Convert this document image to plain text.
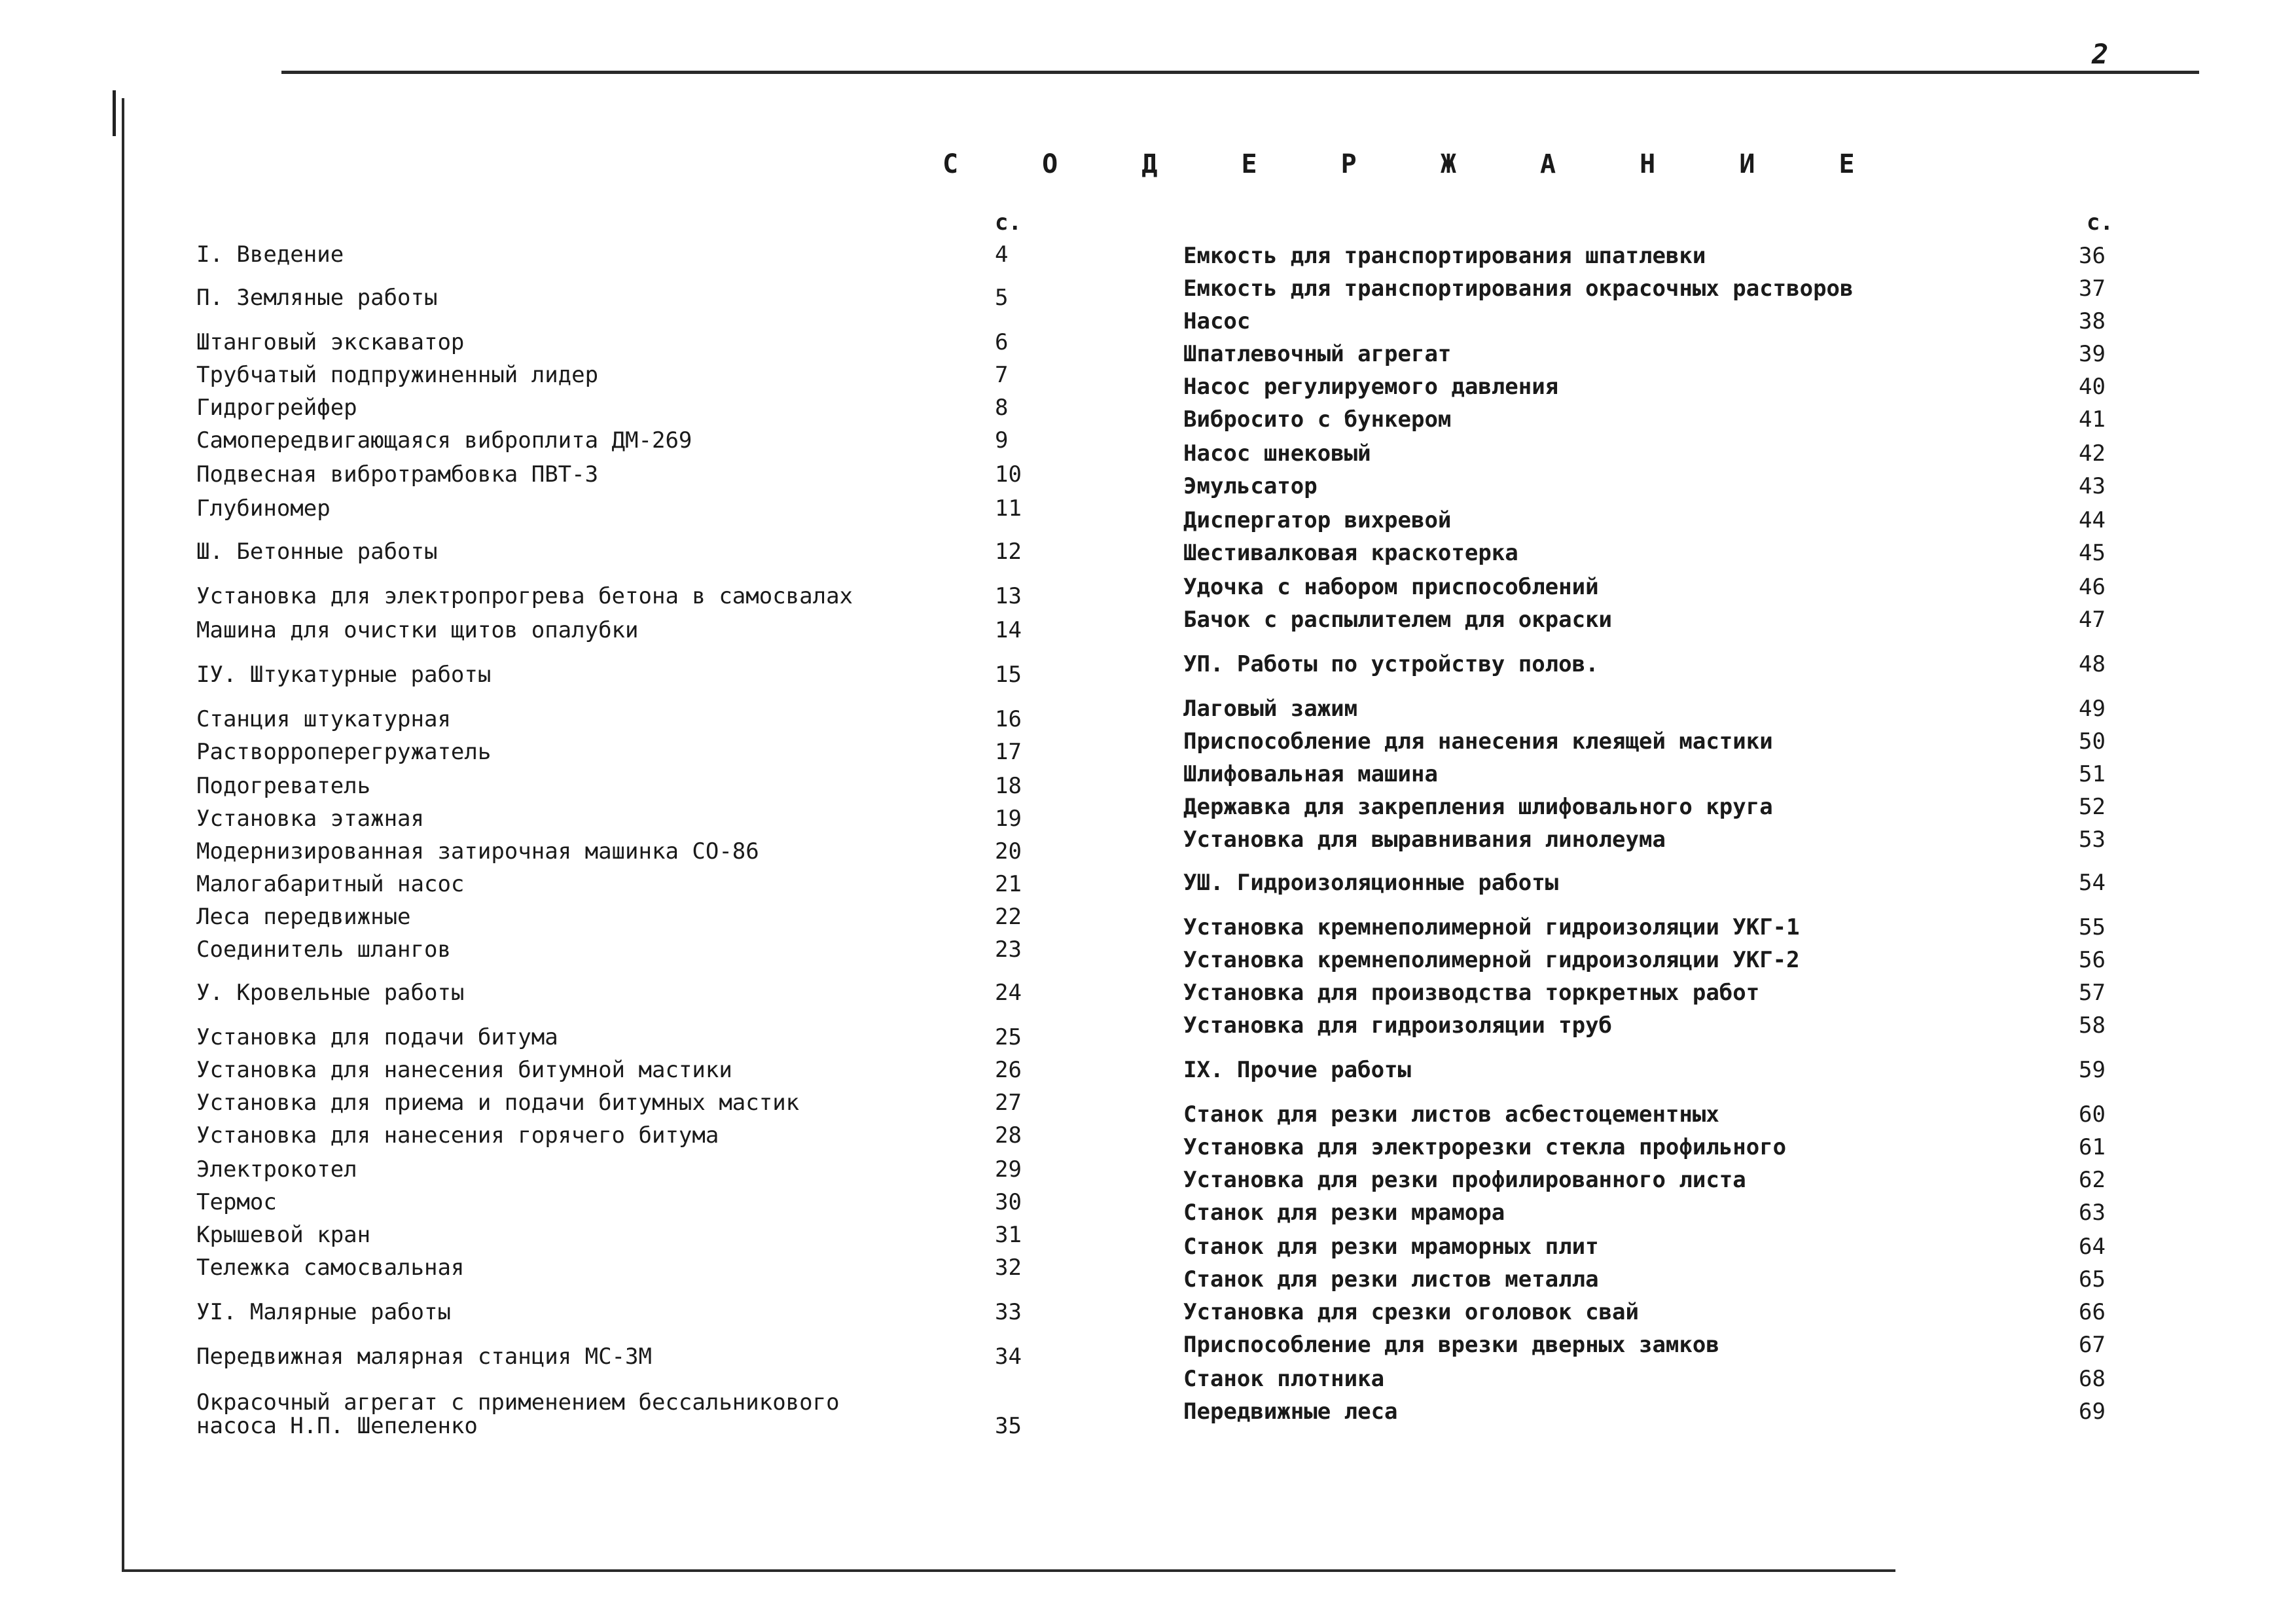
2
С О Д Е Р Ж А Н И Е
с.	с.
I. Введение	4
П. Земляные работы	5
Штанговый экскаватор	6
Трубчатый подпружиненный лидер	7
Гидрогрейфер	8
Самопередвигающаяся виброплита ДМ-269	9
Подвесная вибротрамбовка ПВТ-3	10
Глубиномер	11
Ш. Бетонные работы	12
Установка для электропрогрева бетона в самосвалах	13
Машина для очистки щитов опалубки	14
IУ. Штукатурные работы	15
Станция штукатурная	16
Растворроперегружатель	17
Подогреватель	18
Установка этажная	19
Модернизированная затирочная машинка СО-86	20
Малогабаритный насос	21
Леса передвижные	22
Соединитель шлангов	23
У. Кровельные работы	24
Установка для подачи битума	25
Установка для нанесения битумной мастики	26
Установка для приема и подачи битумных мастик	27
Установка для нанесения горячего битума	28
Электрокотел	29
Термос	30
Крышевой кран	31
Тележка самосвальная	32
УI. Малярные работы	33
Передвижная малярная станция МС-3М	34
Окрасочный агрегат с применением бессальникового
насоса Н.П. Шепеленко	35
Емкость для транспортирования шпатлевки	36
Емкость для транспортирования окрасочных растворов	37
Насос	38
Шпатлевочный агрегат	39
Насос регулируемого давления	40
Вибросито с бункером	41
Насос шнековый	42
Эмульсатор	43
Диспергатор вихревой	44
Шестивалковая краскотерка	45
Удочка с набором приспособлений	46
Бачок с распылителем для окраски	47
УП. Работы по устройству полов.	48
Лаговый зажим	49
Приспособление для нанесения клеящей мастики	50
Шлифовальная машина	51
Державка для закрепления шлифовального круга	52
Установка для выравнивания линолеума	53
УШ. Гидроизоляционные работы	54
Установка кремнеполимерной гидроизоляции УКГ-1	55
Установка кремнеполимерной гидроизоляции УКГ-2	56
Установка для производства торкретных работ	57
Установка для гидроизоляции труб	58
IX. Прочие работы	59
Станок для резки листов асбестоцементных	60
Установка для электрорезки стекла профильного	61
Установка для резки профилированного листа	62
Станок для резки мрамора	63
Станок для резки мраморных плит	64
Станок для резки листов металла	65
Установка для срезки оголовок свай	66
Приспособление для врезки дверных замков	67
Станок плотника	68
Передвижные леса	69
